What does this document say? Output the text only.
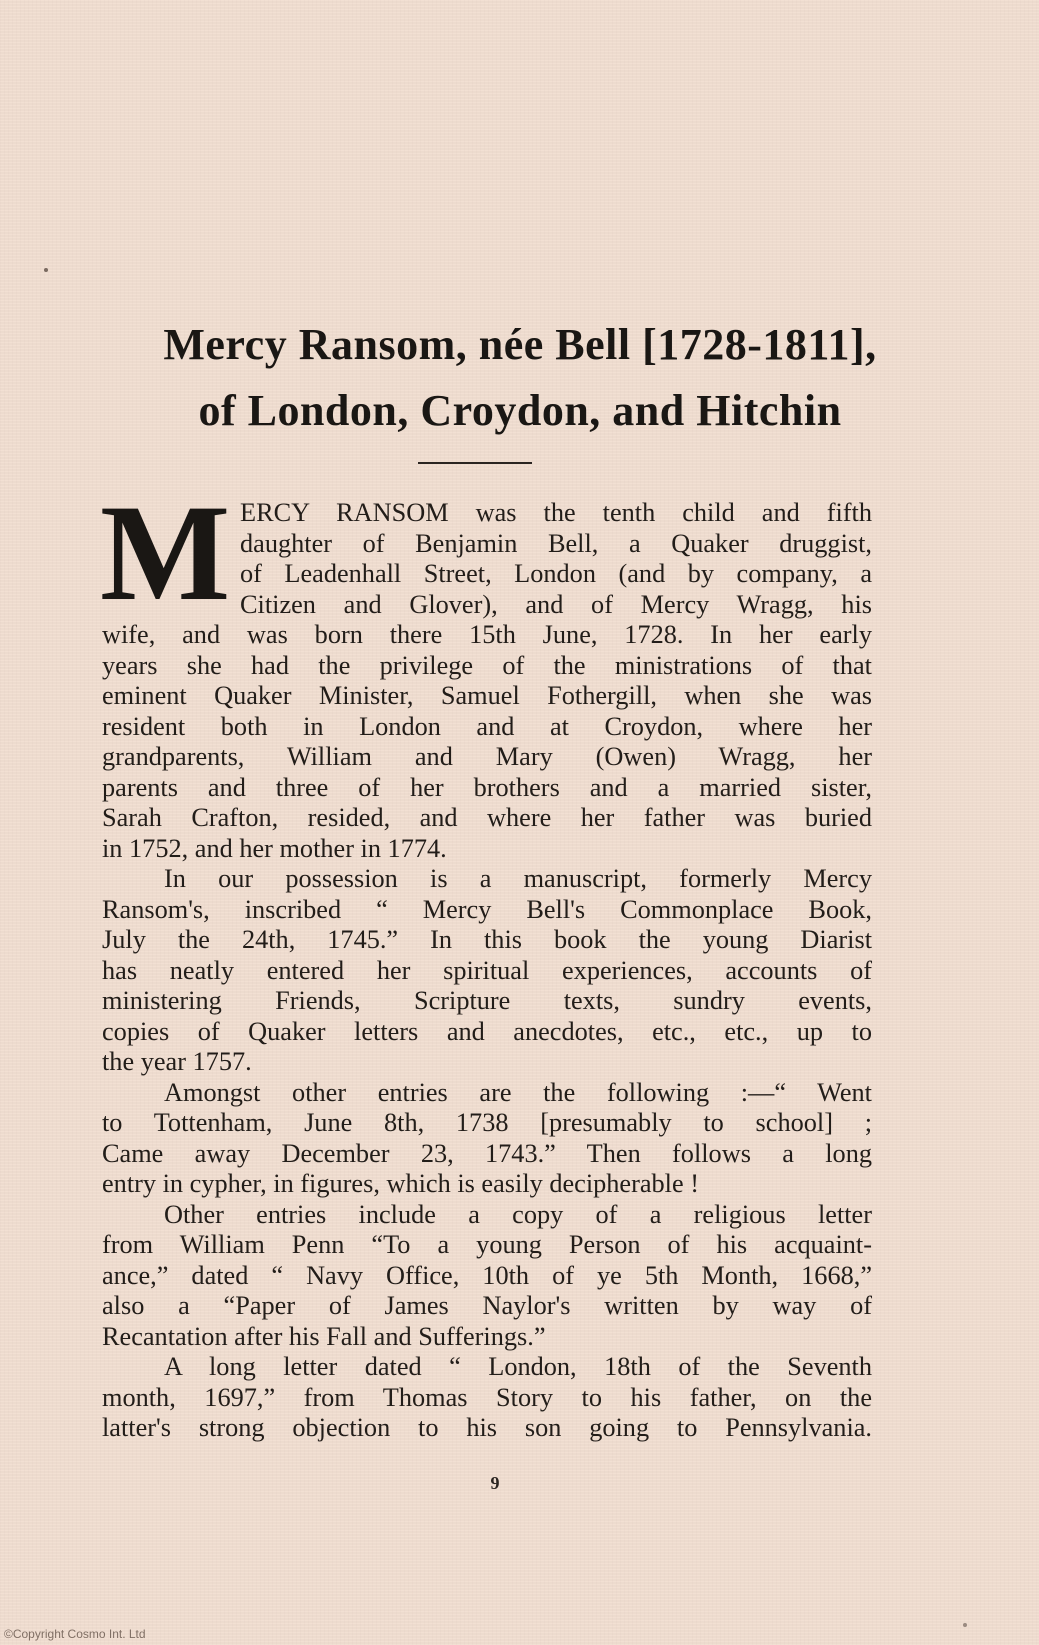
Mercy Ransom, née Bell [1728-1811],
of London, Croydon, and Hitchin
M ERCY RANSOM was the tenth child and fifth
daughter of Benjamin Bell, a Quaker druggist,
of Leadenhall Street, London (and by company, a
Citizen and Glover), and of Mercy Wragg, his
wife, and was born there 15th June, 1728. In her early
years she had the privilege of the ministrations of that
eminent Quaker Minister, Samuel Fothergill, when she was
resident both in London and at Croydon, where her
grandparents, William and Mary (Owen) Wragg, her
parents and three of her brothers and a married sister,
Sarah Crafton, resided, and where her father was buried
in 1752, and her mother in 1774.
In our possession is a manuscript, formerly Mercy
Ransom's, inscribed “ Mercy Bell's Commonplace Book,
July the 24th, 1745.” In this book the young Diarist
has neatly entered her spiritual experiences, accounts of
ministering Friends, Scripture texts, sundry events,
copies of Quaker letters and anecdotes, etc., etc., up to
the year 1757.
Amongst other entries are the following :—“ Went
to Tottenham, June 8th, 1738 [presumably to school] ;
Came away December 23, 1743.” Then follows a long
entry in cypher, in figures, which is easily decipherable !
Other entries include a copy of a religious letter
from William Penn “To a young Person of his acquaint-
ance,” dated “ Navy Office, 10th of ye 5th Month, 1668,”
also a “Paper of James Naylor's written by way of
Recantation after his Fall and Sufferings.”
A long letter dated “ London, 18th of the Seventh
month, 1697,” from Thomas Story to his father, on the
latter's strong objection to his son going to Pennsylvania.
9
©Copyright Cosmo Int. Ltd
